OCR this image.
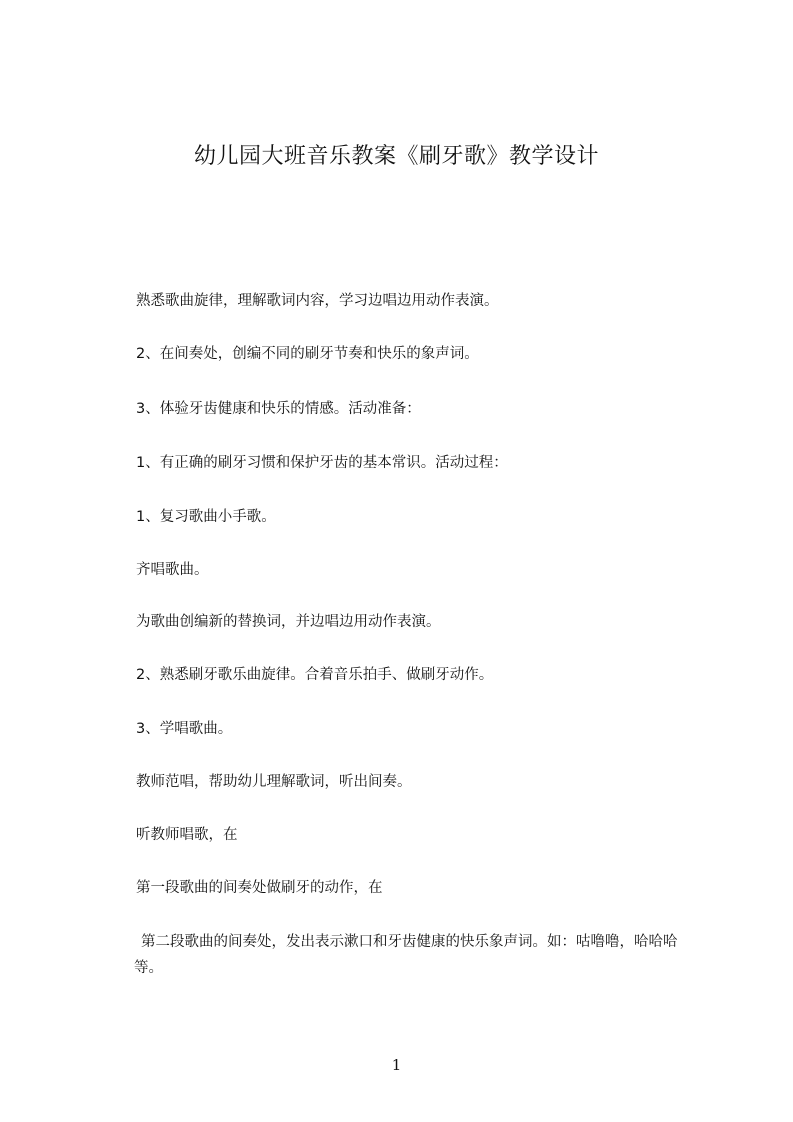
幼儿园大班音乐教案《刷牙歌》教学设计

熟悉歌曲旋律，理解歌词内容，学习边唱边用动作表演。

2、在间奏处，创编不同的刷牙节奏和快乐的象声词。

3、体验牙齿健康和快乐的情感。活动准备：

1、有正确的刷牙习惯和保护牙齿的基本常识。活动过程：

1、复习歌曲小手歌。

齐唱歌曲。

为歌曲创编新的替换词，并边唱边用动作表演。

2、熟悉刷牙歌乐曲旋律。合着音乐拍手、做刷牙动作。

3、学唱歌曲。

教师范唱，帮助幼儿理解歌词，听出间奏。

听教师唱歌，在

第一段歌曲的间奏处做刷牙的动作，在

第二段歌曲的间奏处，发出表示漱口和牙齿健康的快乐象声词。如：咕噜噜，哈哈哈等。

1
